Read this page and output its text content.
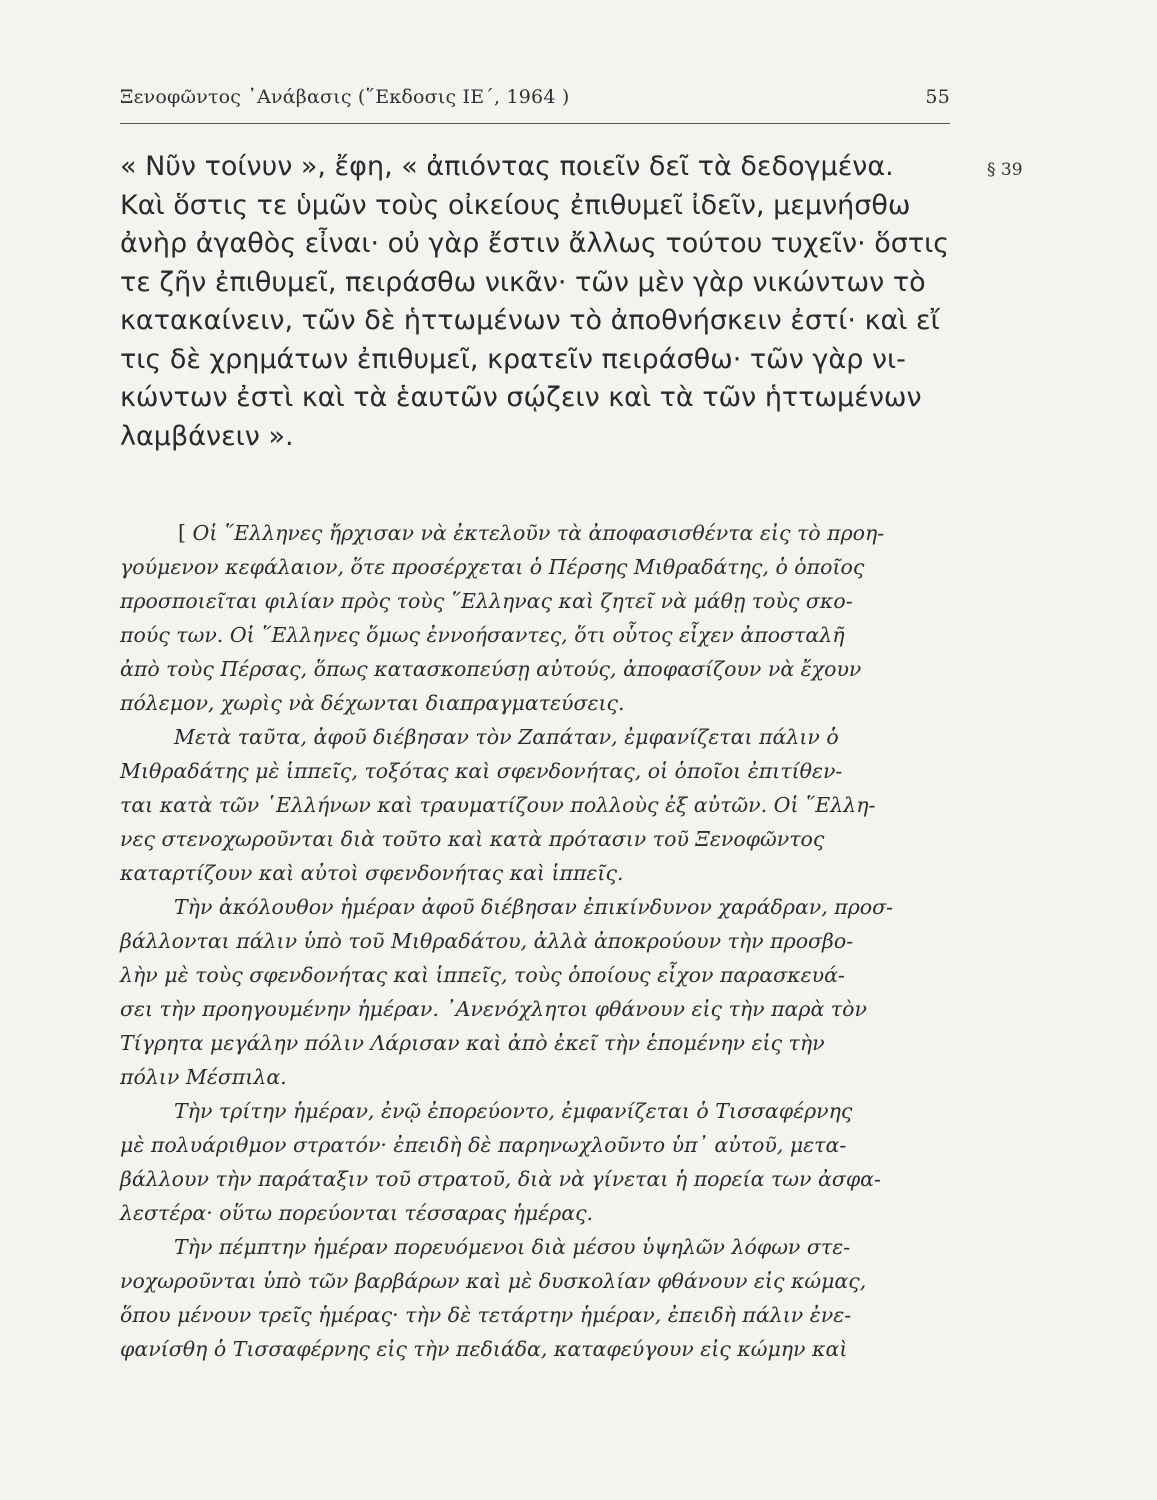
Ξενοφῶντος ᾿Ανάβασις (῞Εκδοσις ΙΕ΄, 1964 )	55
§ 39
« Νῦν τοίνυν », ἔφη, « ἀπιόντας ποιεῖν δεῖ τὰ δεδογμένα.
Καὶ ὅστις τε ὑμῶν τοὺς οἰκείους ἐπιθυμεῖ ἰδεῖν, μεμνήσθω
ἀνὴρ ἀγαθὸς εἶναι· οὐ γὰρ ἔστιν ἄλλως τούτου τυχεῖν· ὅστις
τε ζῆν ἐπιθυμεῖ, πειράσθω νικᾶν· τῶν μὲν γὰρ νικώντων τὸ
κατακαίνειν, τῶν δὲ ἡττωμένων τὸ ἀποθνήσκειν ἐστί· καὶ εἴ
τις δὲ χρημάτων ἐπιθυμεῖ, κρατεῖν πειράσθω· τῶν γὰρ νι-
κώντων ἐστὶ καὶ τὰ ἑαυτῶν σῴζειν καὶ τὰ τῶν ἡττωμένων
λαμβάνειν ».
[ Οἱ ῞Ελληνες ἤρχισαν νὰ ἐκτελοῦν τὰ ἀποφασισθέντα εἰς τὸ προη-
γούμενον κεφάλαιον, ὅτε προσέρχεται ὁ Πέρσης Μιθραδάτης, ὁ ὁποῖος
προσποιεῖται φιλίαν πρὸς τοὺς ῞Ελληνας καὶ ζητεῖ νὰ μάθῃ τοὺς σκο-
πούς των. Οἱ ῞Ελληνες ὅμως ἐννοήσαντες, ὅτι οὗτος εἶχεν ἀποσταλῆ
ἀπὸ τοὺς Πέρσας, ὅπως κατασκοπεύσῃ αὐτούς, ἀποφασίζουν νὰ ἔχουν
πόλεμον, χωρὶς νὰ δέχωνται διαπραγματεύσεις.
Μετὰ ταῦτα, ἀφοῦ διέβησαν τὸν Ζαπάταν, ἐμφανίζεται πάλιν ὁ
Μιθραδάτης μὲ ἱππεῖς, τοξότας καὶ σφενδονήτας, οἱ ὁποῖοι ἐπιτίθεν-
ται κατὰ τῶν ῾Ελλήνων καὶ τραυματίζουν πολλοὺς ἐξ αὐτῶν. Οἱ ῞Ελλη-
νες στενοχωροῦνται διὰ τοῦτο καὶ κατὰ πρότασιν τοῦ Ξενοφῶντος
καταρτίζουν καὶ αὐτοὶ σφενδονήτας καὶ ἱππεῖς.
Τὴν ἀκόλουθον ἡμέραν ἀφοῦ διέβησαν ἐπικίνδυνον χαράδραν, προσ-
βάλλονται πάλιν ὑπὸ τοῦ Μιθραδάτου, ἀλλὰ ἀποκρούουν τὴν προσβο-
λὴν μὲ τοὺς σφενδονήτας καὶ ἱππεῖς, τοὺς ὁποίους εἶχον παρασκευά-
σει τὴν προηγουμένην ἡμέραν. ᾿Ανενόχλητοι φθάνουν εἰς τὴν παρὰ τὸν
Τίγρητα μεγάλην πόλιν Λάρισαν καὶ ἀπὸ ἐκεῖ τὴν ἑπομένην εἰς τὴν
πόλιν Μέσπιλα.
Τὴν τρίτην ἡμέραν, ἐνῷ ἐπορεύοντο, ἐμφανίζεται ὁ Τισσαφέρνης
μὲ πολυάριθμον στρατόν· ἐπειδὴ δὲ παρηνωχλοῦντο ὑπ᾿ αὐτοῦ, μετα-
βάλλουν τὴν παράταξιν τοῦ στρατοῦ, διὰ νὰ γίνεται ἡ πορεία των ἀσφα-
λεστέρα· οὕτω πορεύονται τέσσαρας ἡμέρας.
Τὴν πέμπτην ἡμέραν πορευόμενοι διὰ μέσου ὑψηλῶν λόφων στε-
νοχωροῦνται ὑπὸ τῶν βαρβάρων καὶ μὲ δυσκολίαν φθάνουν εἰς κώμας,
ὅπου μένουν τρεῖς ἡμέρας· τὴν δὲ τετάρτην ἡμέραν, ἐπειδὴ πάλιν ἐνε-
φανίσθη ὁ Τισσαφέρνης εἰς τὴν πεδιάδα, καταφεύγουν εἰς κώμην καὶ
